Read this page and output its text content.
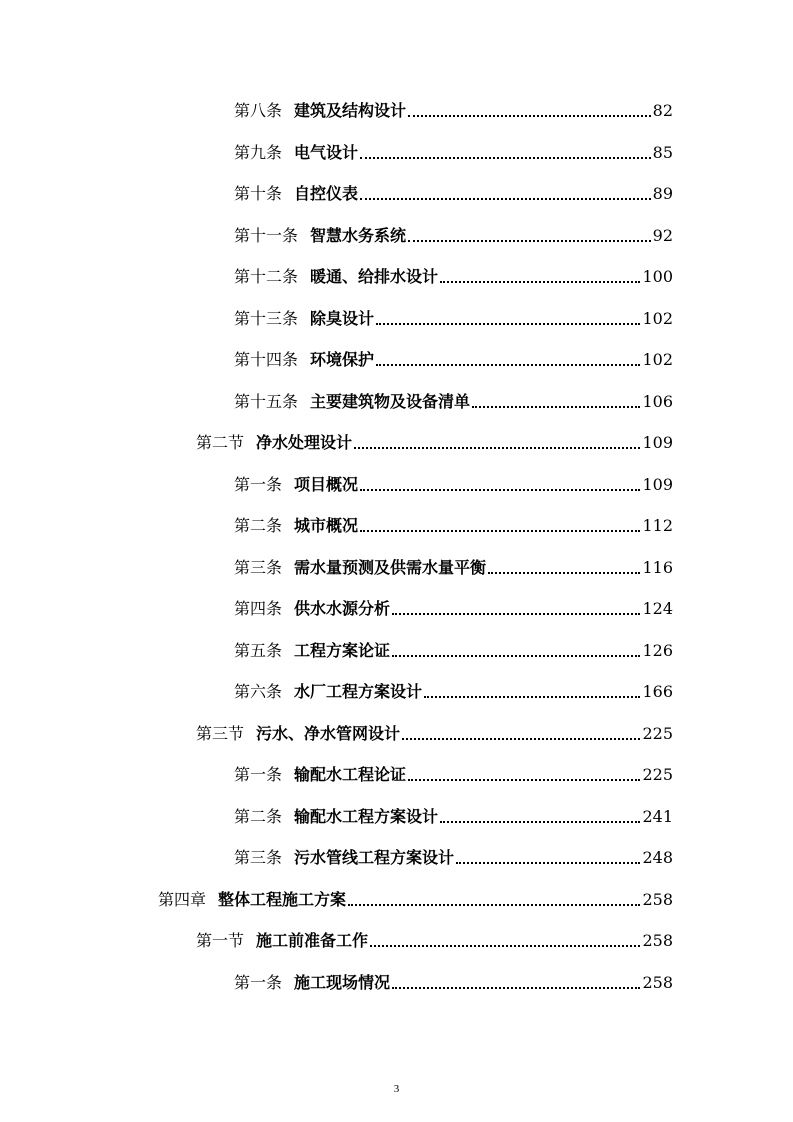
第八条 建筑及结构设计	82
第九条 电气设计	85
第十条 自控仪表	89
第十一条 智慧水务系统	92
第十二条 暖通、给排水设计	100
第十三条 除臭设计	102
第十四条 环境保护	102
第十五条 主要建筑物及设备清单	106
第二节 净水处理设计	109
第一条 项目概况	109
第二条 城市概况	112
第三条 需水量预测及供需水量平衡	116
第四条 供水水源分析	124
第五条 工程方案论证	126
第六条 水厂工程方案设计	166
第三节 污水、净水管网设计	225
第一条 输配水工程论证	225
第二条 输配水工程方案设计	241
第三条 污水管线工程方案设计	248
第四章 整体工程施工方案	258
第一节 施工前准备工作	258
第一条 施工现场情况	258
3
